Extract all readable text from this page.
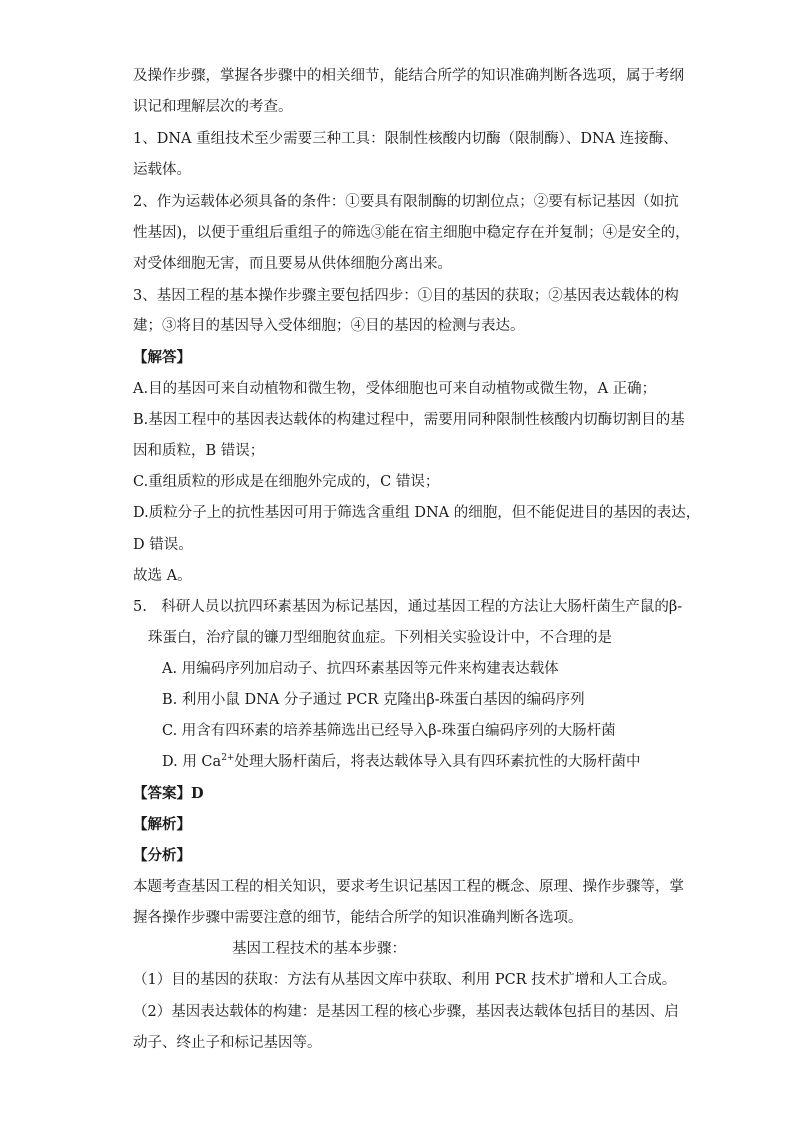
及操作步骤，掌握各步骤中的相关细节，能结合所学的知识准确判断各选项，属于考纲
识记和理解层次的考查。
1、DNA 重组技术至少需要三种工具：限制性核酸内切酶（限制酶）、DNA 连接酶、
运载体。
2、作为运载体必须具备的条件：①要具有限制酶的切割位点；②要有标记基因（如抗
性基因)，以便于重组后重组子的筛选③能在宿主细胞中稳定存在并复制；④是安全的，
对受体细胞无害，而且要易从供体细胞分离出来。
3、基因工程的基本操作步骤主要包括四步：①目的基因的获取；②基因表达载体的构
建；③将目的基因导入受体细胞；④目的基因的检测与表达。
【解答】
A.目的基因可来自动植物和微生物，受体细胞也可来自动植物或微生物，A 正确；
B.基因工程中的基因表达载体的构建过程中，需要用同种限制性核酸内切酶切割目的基
因和质粒，B 错误；
C.重组质粒的形成是在细胞外完成的，C 错误；
D.质粒分子上的抗性基因可用于筛选含重组 DNA 的细胞，但不能促进目的基因的表达，
D 错误。
故选 A。
5.　科研人员以抗四环素基因为标记基因，通过基因工程的方法让大肠杆菌生产鼠的β-
珠蛋白，治疗鼠的镰刀型细胞贫血症。下列相关实验设计中，不合理的是
A. 用编码序列加启动子、抗四环素基因等元件来构建表达载体
B. 利用小鼠 DNA 分子通过 PCR 克隆出β-珠蛋白基因的编码序列
C. 用含有四环素的培养基筛选出已经导入β-珠蛋白编码序列的大肠杆菌
D. 用 $Ca^{2+}$处理大肠杆菌后，将表达载体导入具有四环素抗性的大肠杆菌中
【答案】D
【解析】
【分析】
本题考查基因工程的相关知识，要求考生识记基因工程的概念、原理、操作步骤等，掌
握各操作步骤中需要注意的细节，能结合所学的知识准确判断各选项。
基因工程技术的基本步骤：
（1）目的基因的获取：方法有从基因文库中获取、利用 PCR 技术扩增和人工合成。
（2）基因表达载体的构建：是基因工程的核心步骤，基因表达载体包括目的基因、启
动子、终止子和标记基因等。
